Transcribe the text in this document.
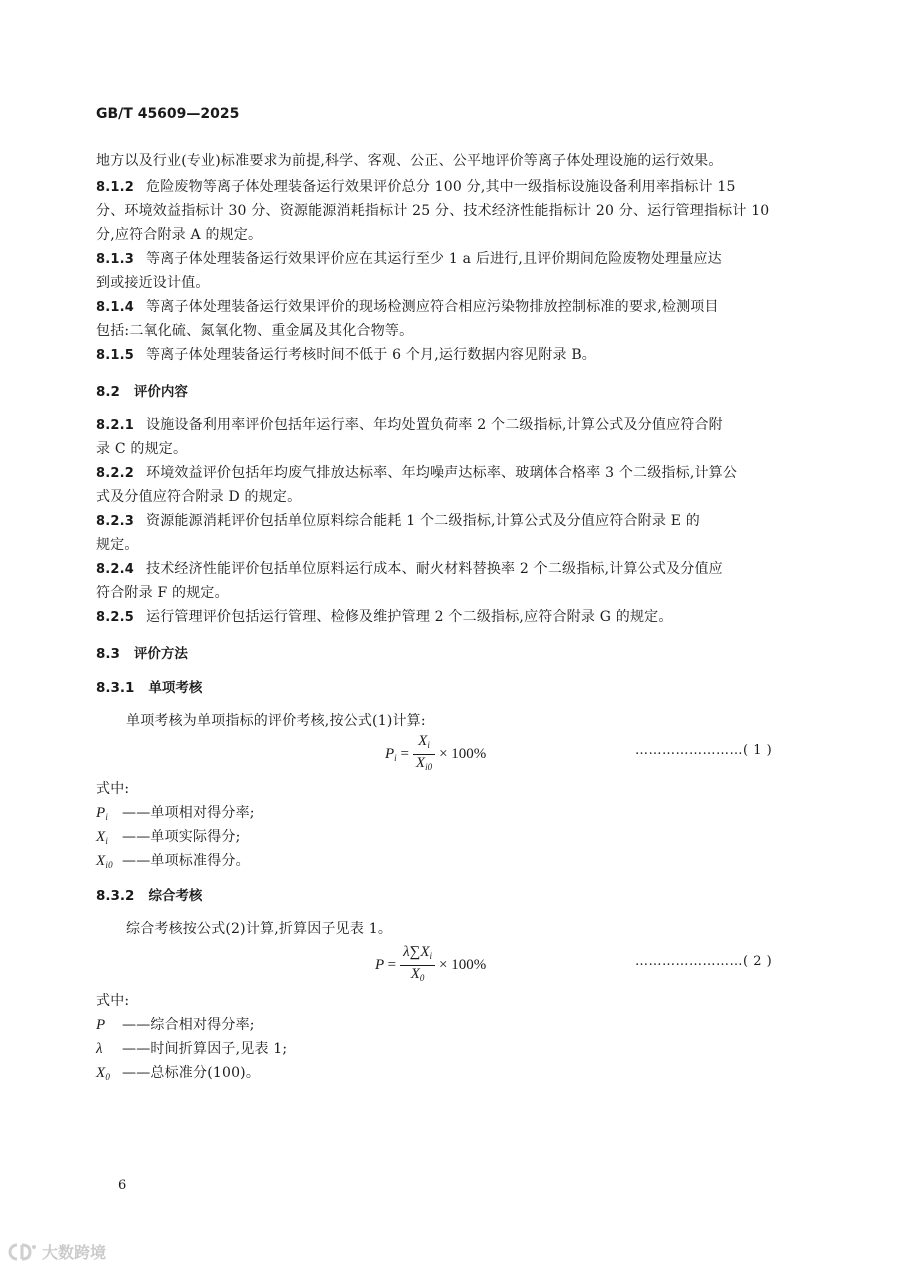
GB/T 45609—2025
地方以及行业(专业)标准要求为前提,科学、客观、公正、公平地评价等离子体处理设施的运行效果。
8.1.2 危险废物等离子体处理装备运行效果评价总分 100 分,其中一级指标设施设备利用率指标计 15
分、环境效益指标计 30 分、资源能源消耗指标计 25 分、技术经济性能指标计 20 分、运行管理指标计 10
分,应符合附录 A 的规定。
8.1.3 等离子体处理装备运行效果评价应在其运行至少 1 a 后进行,且评价期间危险废物处理量应达
到或接近设计值。
8.1.4 等离子体处理装备运行效果评价的现场检测应符合相应污染物排放控制标准的要求,检测项目
包括:二氧化硫、氮氧化物、重金属及其化合物等。
8.1.5 等离子体处理装备运行考核时间不低于 6 个月,运行数据内容见附录 B。
8.2 评价内容
8.2.1 设施设备利用率评价包括年运行率、年均处置负荷率 2 个二级指标,计算公式及分值应符合附
录 C 的规定。
8.2.2 环境效益评价包括年均废气排放达标率、年均噪声达标率、玻璃体合格率 3 个二级指标,计算公
式及分值应符合附录 D 的规定。
8.2.3 资源能源消耗评价包括单位原料综合能耗 1 个二级指标,计算公式及分值应符合附录 E 的
规定。
8.2.4 技术经济性能评价包括单位原料运行成本、耐火材料替换率 2 个二级指标,计算公式及分值应
符合附录 F 的规定。
8.2.5 运行管理评价包括运行管理、检修及维护管理 2 个二级指标,应符合附录 G 的规定。
8.3 评价方法
8.3.1 单项考核
单项考核为单项指标的评价考核,按公式(1)计算:
$P_i = \frac{X_i}{X_{i0}} \times 100\%$	……………………( 1 )
式中:
$P_i$ ——单项相对得分率;
$X_i$ ——单项实际得分;
$X_{i0}$ ——单项标准得分。
8.3.2 综合考核
综合考核按公式(2)计算,折算因子见表 1。
$P = \frac{\lambda\sum X_i}{X_0} \times 100\%$	……………………( 2 )
式中:
P ——综合相对得分率;
λ ——时间折算因子,见表 1;
$X_0$ ——总标准分(100)。
6
大数跨境
